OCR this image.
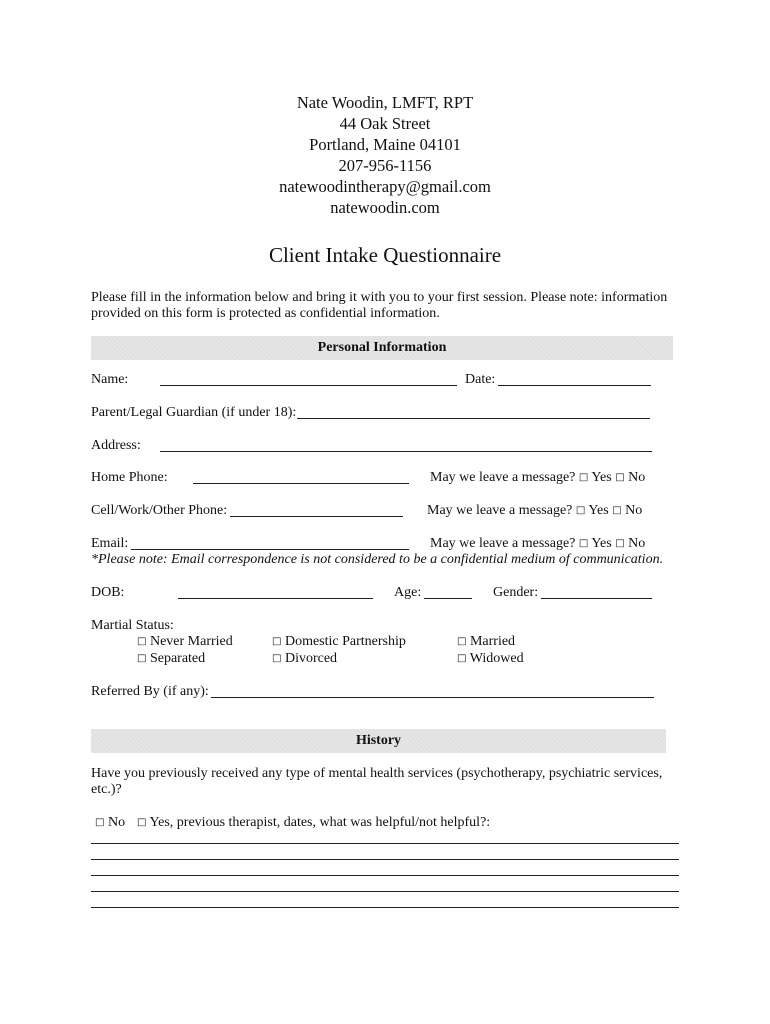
Nate Woodin, LMFT, RPT
44 Oak Street
Portland, Maine 04101
207-956-1156
natewoodintherapy@gmail.com
natewoodin.com
Client Intake Questionnaire
Please fill in the information below and bring it with you to your first session. Please note: information
provided on this form is protected as confidential information.
Personal Information
Name:	Date:
Parent/Legal Guardian (if under 18):
Address:
Home Phone:	May we leave a message? □ Yes □ No
Cell/Work/Other Phone:	May we leave a message? □ Yes □ No
Email:	May we leave a message? □ Yes □ No
*Please note: Email correspondence is not considered to be a confidential medium of communication.
DOB:	Age:	Gender:
Martial Status:
□ Never Married	□ Domestic Partnership	□ Married
□ Separated	□ Divorced	□ Widowed
Referred By (if any):
History
Have you previously received any type of mental health services (psychotherapy, psychiatric services,
etc.)?
□ No □ Yes, previous therapist, dates, what was helpful/not helpful?:
